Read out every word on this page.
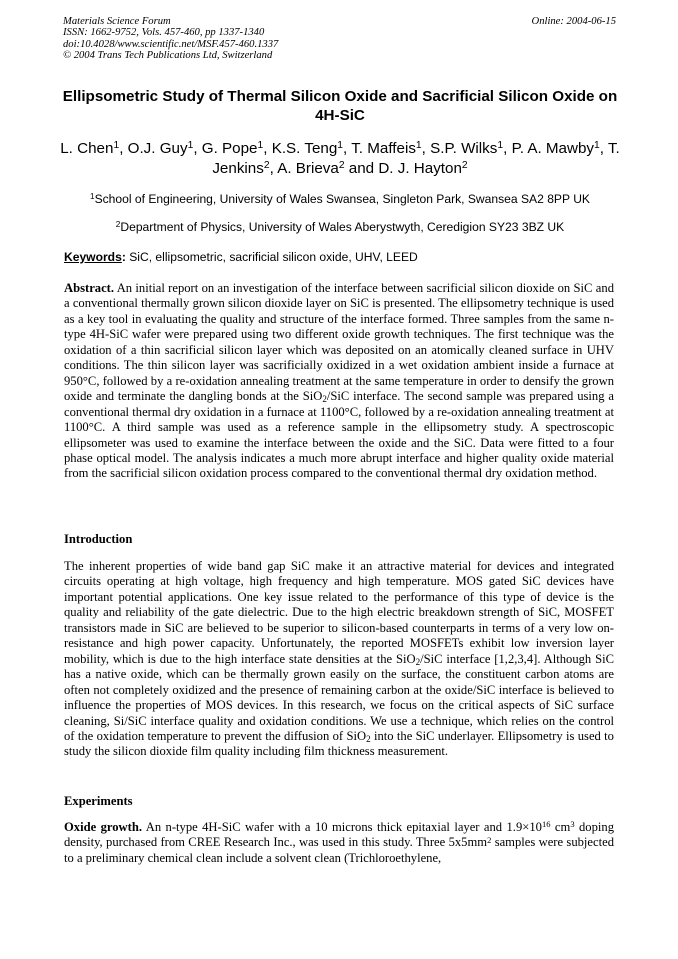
Materials Science Forum
ISSN: 1662-9752, Vols. 457-460, pp 1337-1340
doi:10.4028/www.scientific.net/MSF.457-460.1337
© 2004 Trans Tech Publications Ltd, Switzerland
Online: 2004-06-15
Ellipsometric Study of Thermal Silicon Oxide and Sacrificial Silicon Oxide on 4H-SiC
L. Chen$^1$, O.J. Guy$^1$, G. Pope$^1$, K.S. Teng$^1$, T. Maffeis$^1$, S.P. Wilks$^1$, P. A. Mawby$^1$, T. Jenkins$^2$, A. Brieva$^2$ and D. J. Hayton$^2$
$^1$School of Engineering, University of Wales Swansea, Singleton Park, Swansea SA2 8PP UK
$^2$Department of Physics, University of Wales Aberystwyth, Ceredigion SY23 3BZ UK
Keywords: SiC, ellipsometric, sacrificial silicon oxide, UHV, LEED

Abstract. An initial report on an investigation of the interface between sacrificial silicon dioxide on SiC and a conventional thermally grown silicon dioxide layer on SiC is presented. The ellipsometry technique is used as a key tool in evaluating the quality and structure of the interface formed. Three samples from the same n-type 4H-SiC wafer were prepared using two different oxide growth techniques. The first technique was the oxidation of a thin sacrificial silicon layer which was deposited on an atomically cleaned surface in UHV conditions. The thin silicon layer was sacrificially oxidized in a wet oxidation ambient inside a furnace at 950°C, followed by a re-oxidation annealing treatment at the same temperature in order to densify the grown oxide and terminate the dangling bonds at the SiO$_2$/SiC interface. The second sample was prepared using a conventional thermal dry oxidation in a furnace at 1100°C, followed by a re-oxidation annealing treatment at 1100°C. A third sample was used as a reference sample in the ellipsometry study. A spectroscopic ellipsometer was used to examine the interface between the oxide and the SiC. Data were fitted to a four phase optical model. The analysis indicates a much more abrupt interface and higher quality oxide material from the sacrificial silicon oxidation process compared to the conventional thermal dry oxidation method.

Introduction

The inherent properties of wide band gap SiC make it an attractive material for devices and integrated circuits operating at high voltage, high frequency and high temperature. MOS gated SiC devices have important potential applications. One key issue related to the performance of this type of device is the quality and reliability of the gate dielectric. Due to the high electric breakdown strength of SiC, MOSFET transistors made in SiC are believed to be superior to silicon-based counterparts in terms of a very low on-resistance and high power capacity. Unfortunately, the reported MOSFETs exhibit low inversion layer mobility, which is due to the high interface state densities at the SiO$_2$/SiC interface [1,2,3,4]. Although SiC has a native oxide, which can be thermally grown easily on the surface, the constituent carbon atoms are often not completely oxidized and the presence of remaining carbon at the oxide/SiC interface is believed to influence the properties of MOS devices. In this research, we focus on the critical aspects of SiC surface cleaning, Si/SiC interface quality and oxidation conditions. We use a technique, which relies on the control of the oxidation temperature to prevent the diffusion of SiO$_2$ into the SiC underlayer. Ellipsometry is used to study the silicon dioxide film quality including film thickness measurement.

Experiments

Oxide growth. An n-type 4H-SiC wafer with a 10 microns thick epitaxial layer and $1.9\times 10^{16}$ $cm^3$ doping density, purchased from CREE Research Inc., was used in this study. Three $5x5mm^2$ samples were subjected to a preliminary chemical clean include a solvent clean (Trichloroethylene,
